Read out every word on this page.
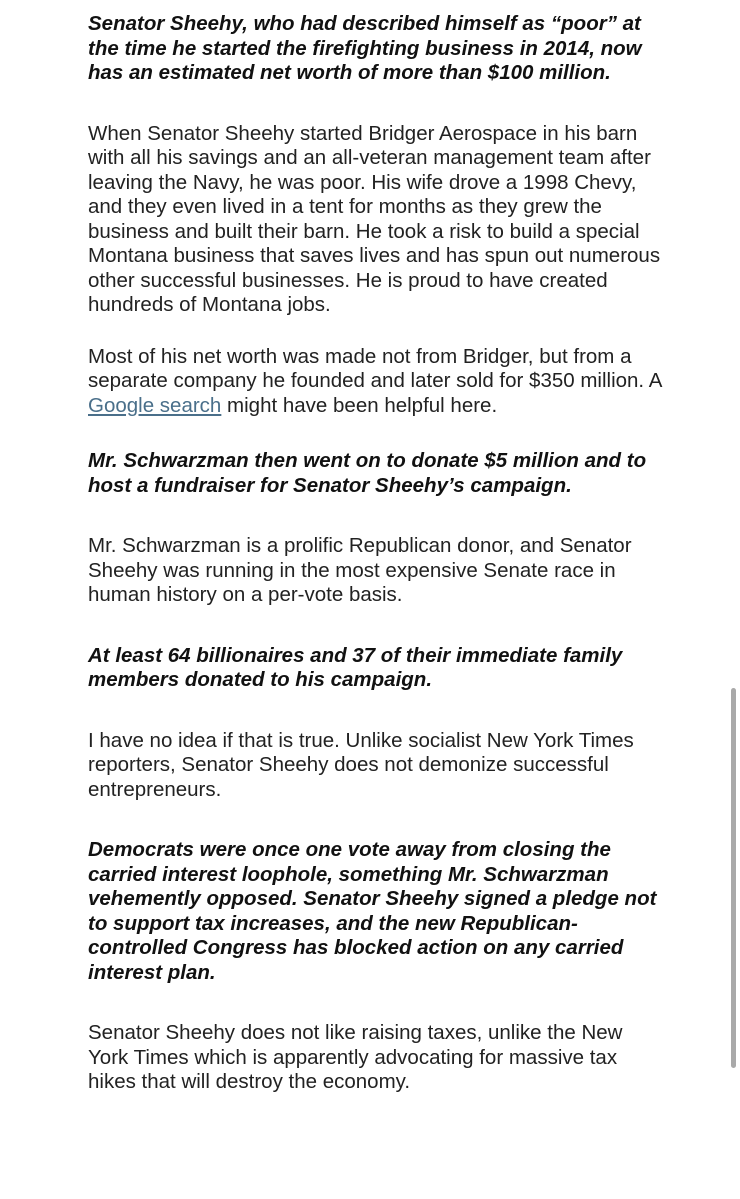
Senator Sheehy, who had described himself as “poor” at the time he started the firefighting business in 2014, now has an estimated net worth of more than $100 million.

When Senator Sheehy started Bridger Aerospace in his barn with all his savings and an all-veteran management team after leaving the Navy, he was poor. His wife drove a 1998 Chevy, and they even lived in a tent for months as they grew the business and built their barn. He took a risk to build a special Montana business that saves lives and has spun out numerous other successful businesses. He is proud to have created hundreds of Montana jobs.

Most of his net worth was made not from Bridger, but from a separate company he founded and later sold for $350 million. A Google search might have been helpful here.

Mr. Schwarzman then went on to donate $5 million and to host a fundraiser for Senator Sheehy’s campaign.

Mr. Schwarzman is a prolific Republican donor, and Senator Sheehy was running in the most expensive Senate race in human history on a per-vote basis.

At least 64 billionaires and 37 of their immediate family members donated to his campaign.

I have no idea if that is true. Unlike socialist New York Times reporters, Senator Sheehy does not demonize successful entrepreneurs.

Democrats were once one vote away from closing the carried interest loophole, something Mr. Schwarzman vehemently opposed. Senator Sheehy signed a pledge not to support tax increases, and the new Republican-controlled Congress has blocked action on any carried interest plan.

Senator Sheehy does not like raising taxes, unlike the New York Times which is apparently advocating for massive tax hikes that will destroy the economy.
